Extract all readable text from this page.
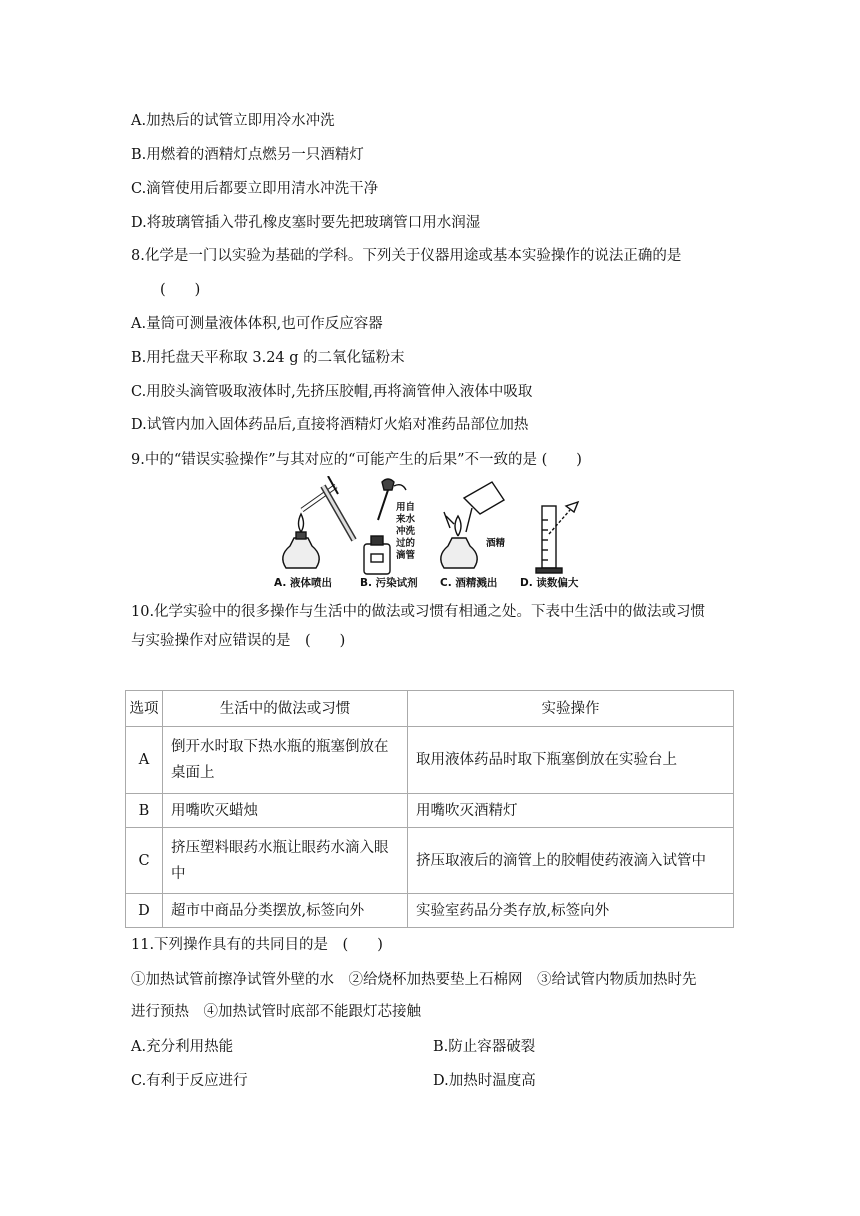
A.加热后的试管立即用冷水冲洗
B.用燃着的酒精灯点燃另一只酒精灯
C.滴管使用后都要立即用清水冲洗干净
D.将玻璃管插入带孔橡皮塞时要先把玻璃管口用水润湿
8.化学是一门以实验为基础的学科。下列关于仪器用途或基本实验操作的说法正确的是
(　　)
A.量筒可测量液体体积,也可作反应容器
B.用托盘天平称取 3.24 g 的二氧化锰粉末
C.用胶头滴管吸取液体时,先挤压胶帽,再将滴管伸入液体中吸取
D.试管内加入固体药品后,直接将酒精灯火焰对准药品部位加热
9.中的“错误实验操作”与其对应的“可能产生的后果”不一致的是 (　　)
A. 液体喷出
用自
来水
冲洗
过的
滴管
B. 污染试剂
酒精
C. 酒精溅出 D. 读数偏大
10.化学实验中的很多操作与生活中的做法或习惯有相通之处。下表中生活中的做法或习惯
与实验操作对应错误的是　(　　)
选项	生活中的做法或习惯	实验操作
A	倒开水时取下热水瓶的瓶塞倒放在桌面上	取用液体药品时取下瓶塞倒放在实验台上
B	用嘴吹灭蜡烛	用嘴吹灭酒精灯
C	挤压塑料眼药水瓶让眼药水滴入眼中	挤压取液后的滴管上的胶帽使药液滴入试管中
D	超市中商品分类摆放,标签向外	实验室药品分类存放,标签向外
11.下列操作具有的共同目的是　(　　)
①加热试管前擦净试管外壁的水　②给烧杯加热要垫上石棉网　③给试管内物质加热时先
进行预热　④加热试管时底部不能跟灯芯接触
A.充分利用热能	B.防止容器破裂
C.有利于反应进行	D.加热时温度高
